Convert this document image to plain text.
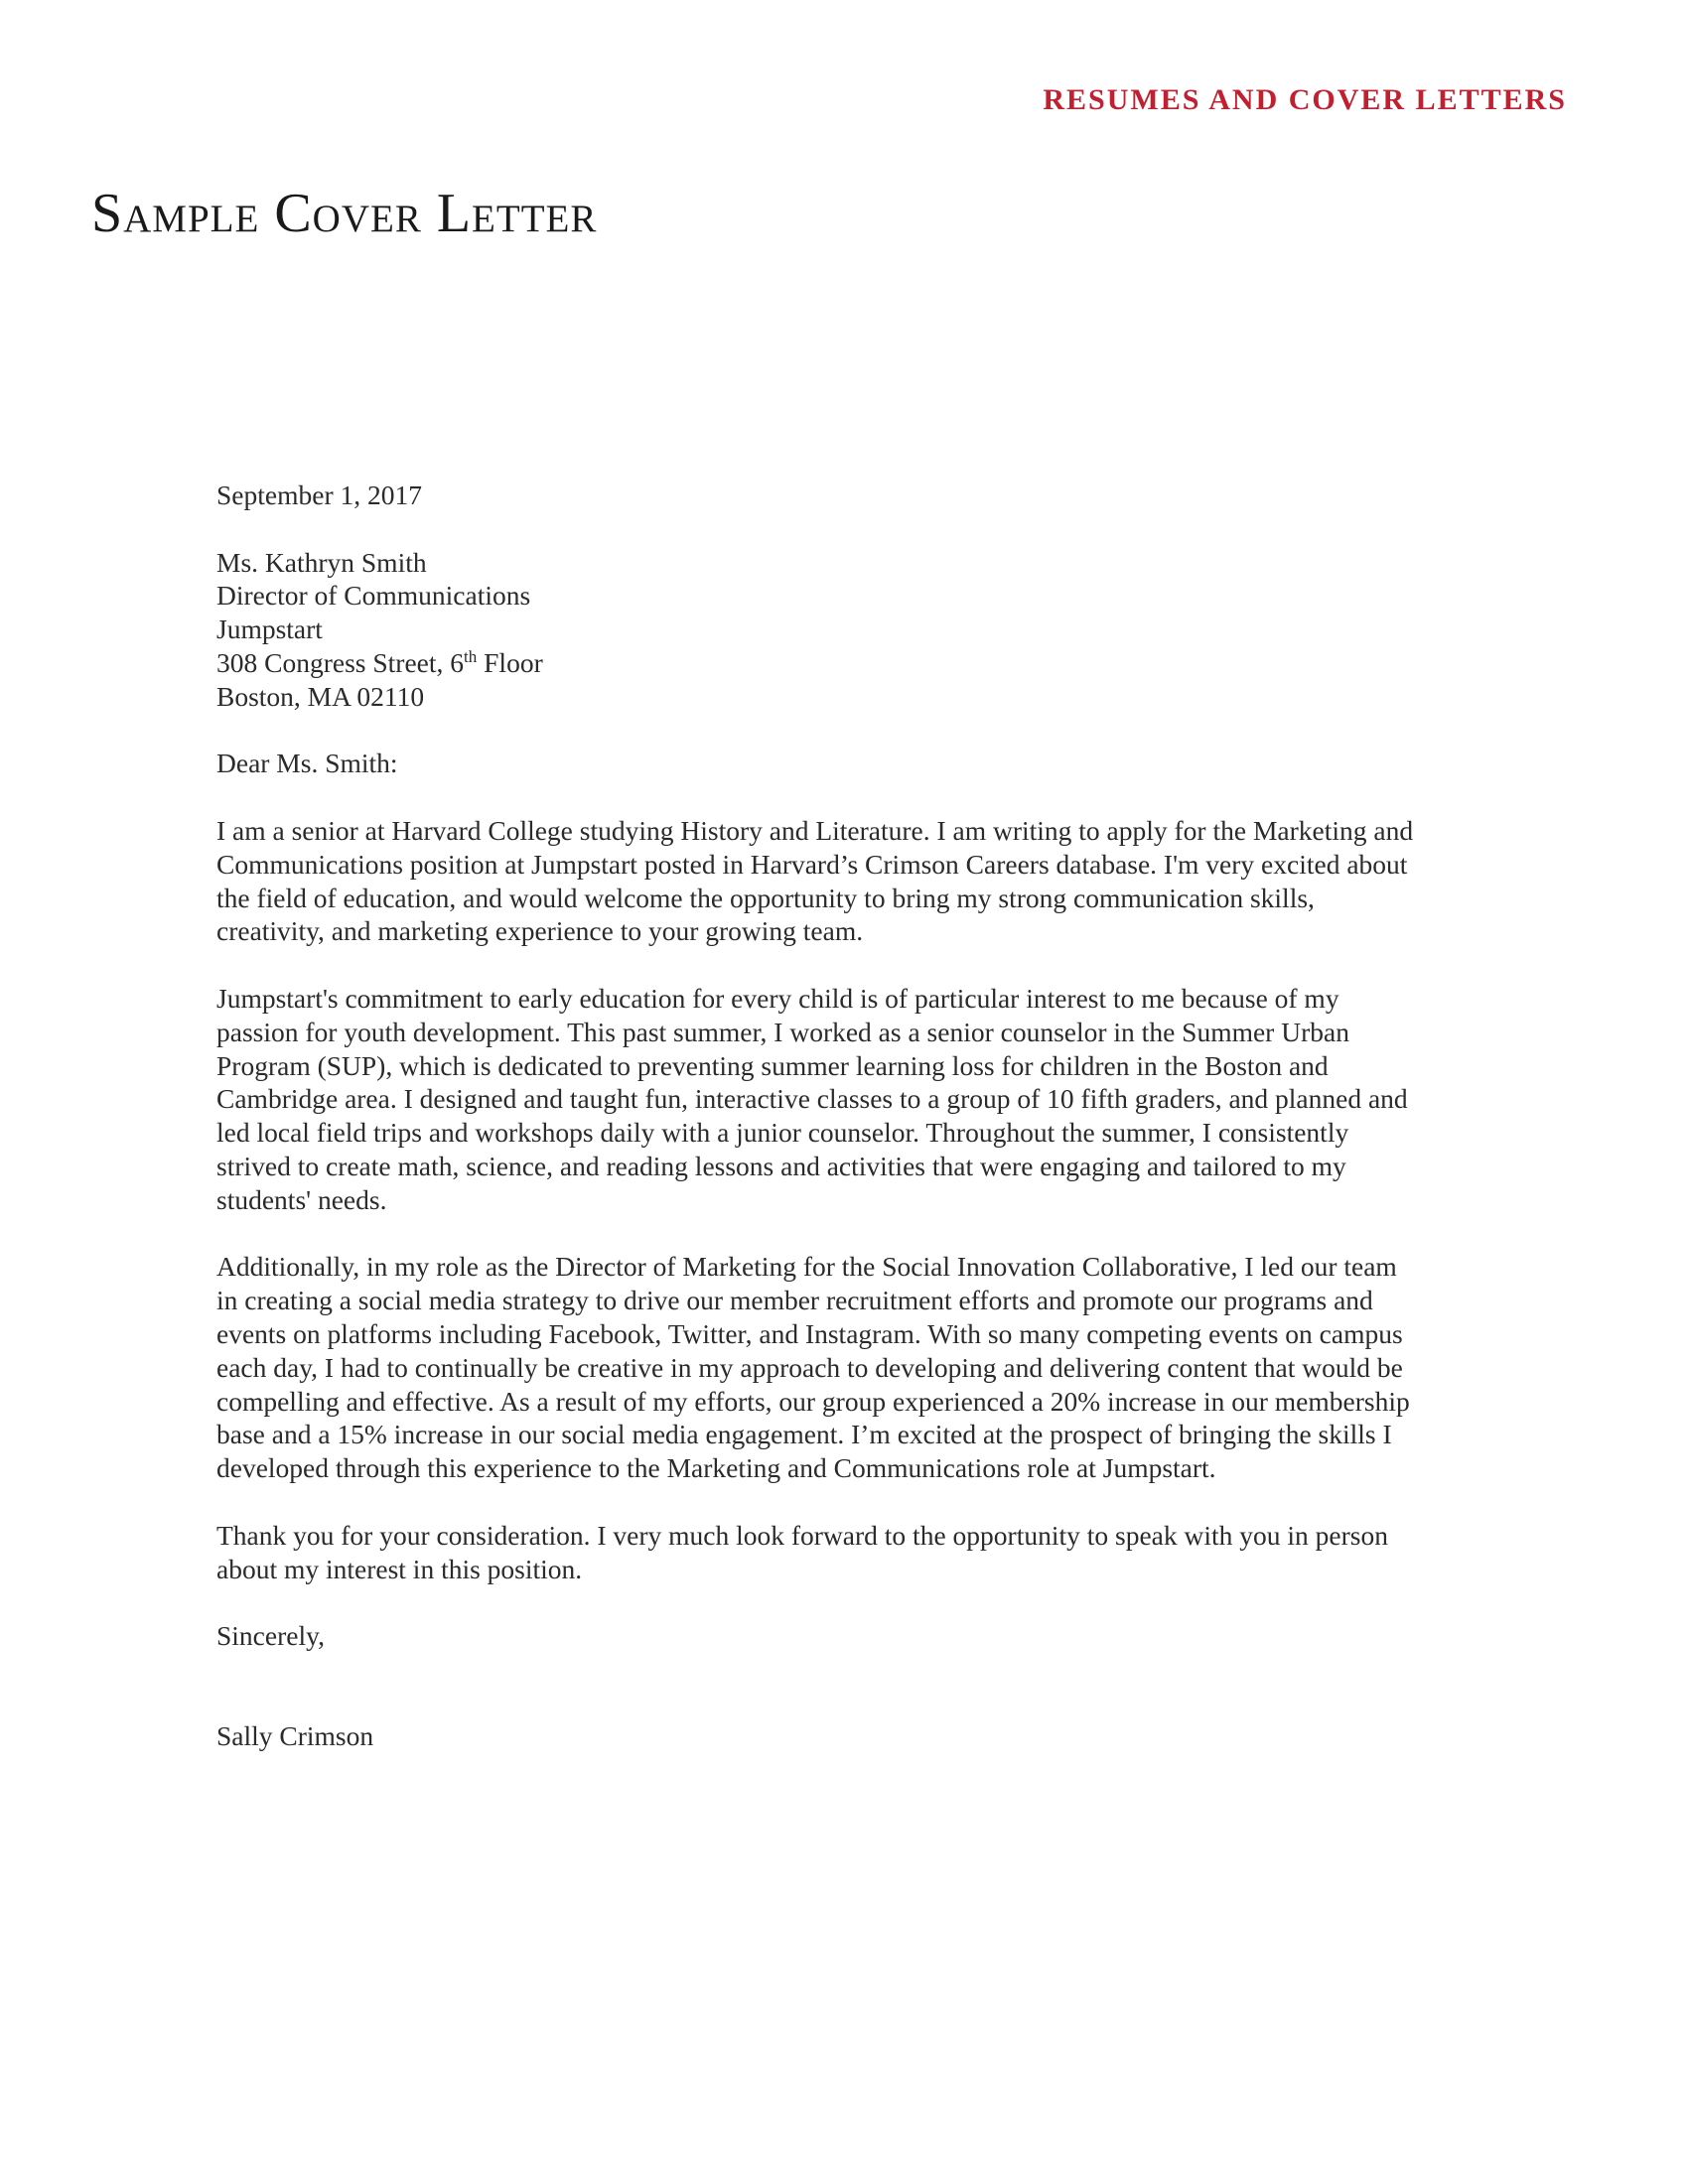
RESUMES AND COVER LETTERS
Sample Cover Letter

September 1, 2017

Ms. Kathryn Smith
Director of Communications
Jumpstart
308 Congress Street, 6th Floor
Boston, MA 02110

Dear Ms. Smith:

I am a senior at Harvard College studying History and Literature. I am writing to apply for the Marketing and Communications position at Jumpstart posted in Harvard’s Crimson Careers database. I'm very excited about the field of education, and would welcome the opportunity to bring my strong communication skills, creativity, and marketing experience to your growing team.

Jumpstart's commitment to early education for every child is of particular interest to me because of my passion for youth development. This past summer, I worked as a senior counselor in the Summer Urban Program (SUP), which is dedicated to preventing summer learning loss for children in the Boston and Cambridge area. I designed and taught fun, interactive classes to a group of 10 fifth graders, and planned and led local field trips and workshops daily with a junior counselor. Throughout the summer, I consistently strived to create math, science, and reading lessons and activities that were engaging and tailored to my students' needs.

Additionally, in my role as the Director of Marketing for the Social Innovation Collaborative, I led our team in creating a social media strategy to drive our member recruitment efforts and promote our programs and events on platforms including Facebook, Twitter, and Instagram. With so many competing events on campus each day, I had to continually be creative in my approach to developing and delivering content that would be compelling and effective. As a result of my efforts, our group experienced a 20% increase in our membership base and a 15% increase in our social media engagement. I’m excited at the prospect of bringing the skills I developed through this experience to the Marketing and Communications role at Jumpstart.

Thank you for your consideration. I very much look forward to the opportunity to speak with you in person about my interest in this position.

Sincerely,

Sally Crimson
